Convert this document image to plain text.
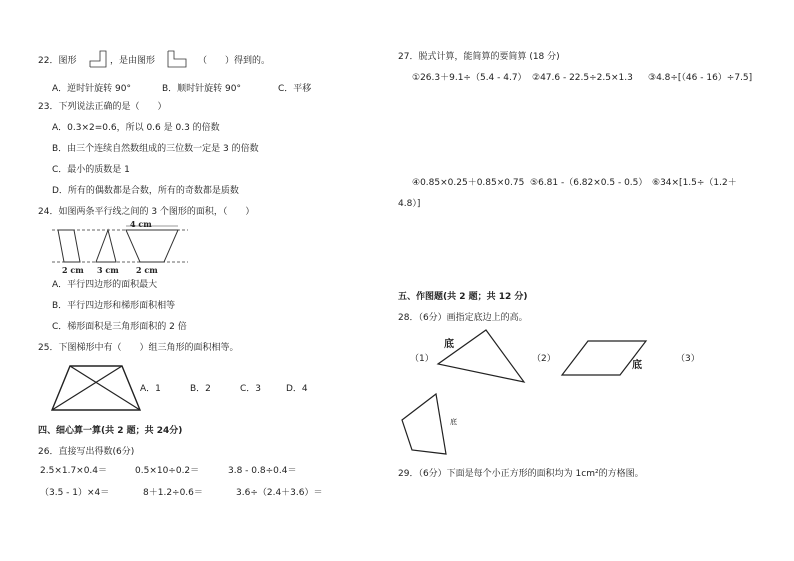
22．图形	，是由图形	（　　）得到的。
A．逆时针旋转 90°	B．顺时针旋转 90°	C．平移
23．下列说法正确的是（　　）
A．0.3×2=0.6，所以 0.6 是 0.3 的倍数
B．由三个连续自然数组成的三位数一定是 3 的倍数
C．最小的质数是 1
D．所有的偶数都是合数，所有的奇数都是质数
24．如图两条平行线之间的 3 个图形的面积，（　　）
4 cm
2 cm 3 cm 2 cm
A．平行四边形的面积最大
B．平行四边形和梯形面积相等
C．梯形面积是三角形面积的 2 倍
25．下图梯形中有（　　）组三角形的面积相等。
A．1	B．2	C．3	D．4
四、细心算一算(共 2 题；共 24分)
26．直接写出得数(6分)
2.5×1.7×0.4＝	0.5×10÷0.2＝	3.8 - 0.8÷0.4＝
（3.5 - 1）×4＝	8＋1.2÷0.6＝	3.6÷（2.4＋3.6）＝
27．脱式计算，能简算的要简算 (18 分)
①26.3＋9.1÷（5.4 - 4.7） ②47.6 - 22.5÷2.5×1.3 ③4.8÷[（46 - 16）÷7.5]
④0.85×0.25＋0.85×0.75 ⑤6.81 -（6.82×0.5 - 0.5） ⑥34×[1.5÷（1.2＋
4.8）]
五、作图题(共 2 题；共 12 分)
28．（6分）画指定底边上的高。
（1）
底
（2）
底
（3）
底
29．（6分）下面是每个小正方形的面积均为 1cm²的方格图。
